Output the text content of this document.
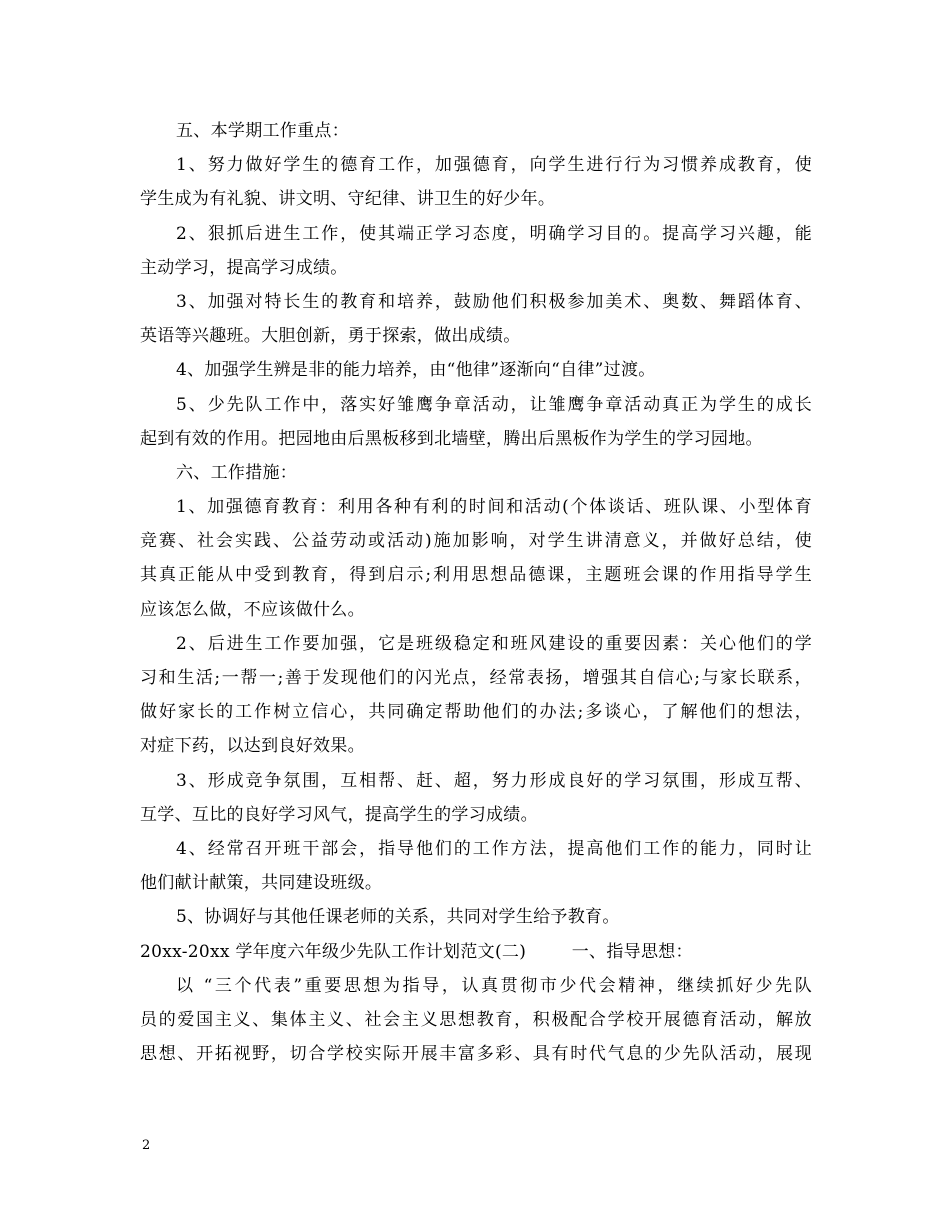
五、本学期工作重点：
1、努力做好学生的德育工作，加强德育，向学生进行行为习惯养成教育，使
学生成为有礼貌、讲文明、守纪律、讲卫生的好少年。
2、狠抓后进生工作，使其端正学习态度，明确学习目的。提高学习兴趣，能
主动学习，提高学习成绩。
3、加强对特长生的教育和培养，鼓励他们积极参加美术、奥数、舞蹈体育、
英语等兴趣班。大胆创新，勇于探索，做出成绩。
4、加强学生辨是非的能力培养，由“他律”逐渐向“自律”过渡。
5、少先队工作中，落实好雏鹰争章活动，让雏鹰争章活动真正为学生的成长
起到有效的作用。把园地由后黑板移到北墙壁，腾出后黑板作为学生的学习园地。
六、工作措施：
1、加强德育教育：利用各种有利的时间和活动(个体谈话、班队课、小型体育
竞赛、社会实践、公益劳动或活动)施加影响，对学生讲清意义，并做好总结，使
其真正能从中受到教育，得到启示;利用思想品德课，主题班会课的作用指导学生
应该怎么做，不应该做什么。
2、后进生工作要加强，它是班级稳定和班风建设的重要因素：关心他们的学
习和生活;一帮一;善于发现他们的闪光点，经常表扬，增强其自信心;与家长联系，
做好家长的工作树立信心，共同确定帮助他们的办法;多谈心，了解他们的想法，
对症下药，以达到良好效果。
3、形成竞争氛围，互相帮、赶、超，努力形成良好的学习氛围，形成互帮、
互学、互比的良好学习风气，提高学生的学习成绩。
4、经常召开班干部会，指导他们的工作方法，提高他们工作的能力，同时让
他们献计献策，共同建设班级。
5、协调好与其他任课老师的关系，共同对学生给予教育。
20xx-20xx 学年度六年级少先队工作计划范文(二)        一、指导思想：
以 “三个代表”重要思想为指导，认真贯彻市少代会精神，继续抓好少先队
员的爱国主义、集体主义、社会主义思想教育，积极配合学校开展德育活动，解放
思想、开拓视野，切合学校实际开展丰富多彩、具有时代气息的少先队活动，展现
2
